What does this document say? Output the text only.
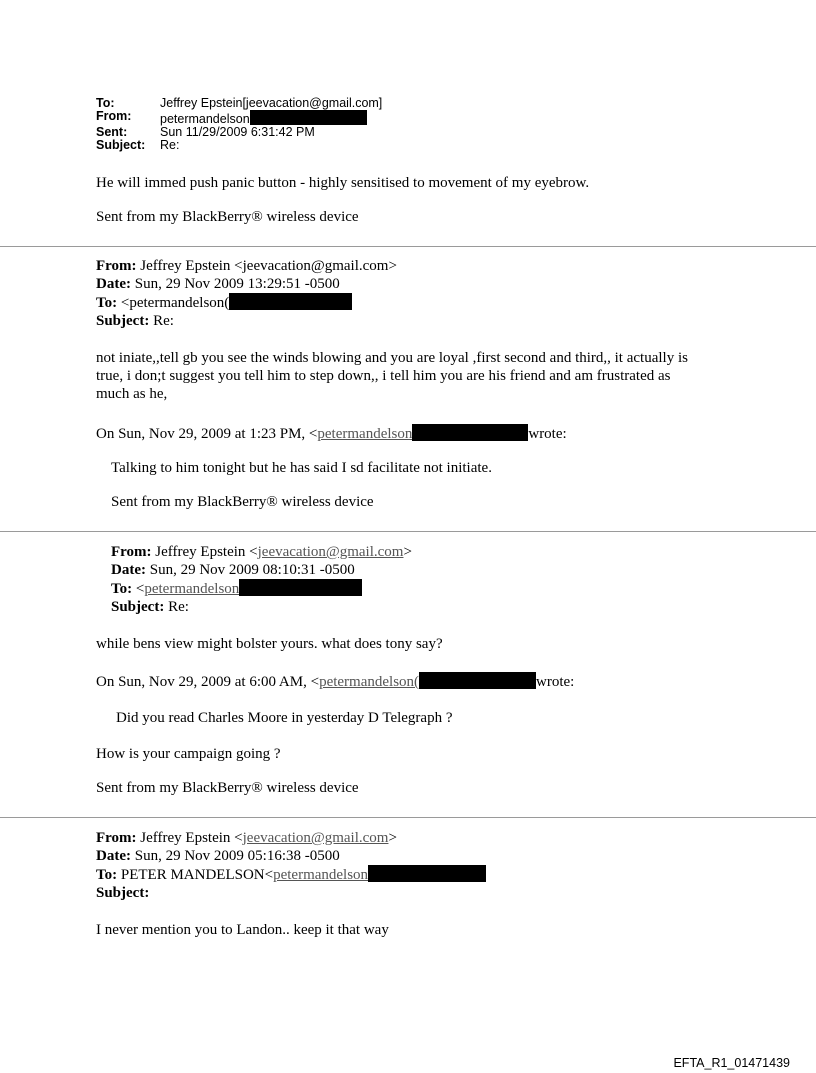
To:	Jeffrey Epstein[jeevacation@gmail.com]
From:	petermandelson
Sent:	Sun 11/29/2009 6:31:42 PM
Subject:	Re:
He will immed push panic button - highly sensitised to movement of my eyebrow.
Sent from my BlackBerry® wireless device
From: Jeffrey Epstein <jeevacation@gmail.com>
Date: Sun, 29 Nov 2009 13:29:51 -0500
To: <petermandelson(
Subject: Re:
not iniate,,tell gb you see the winds blowing and you are loyal ,first second and third,, it actually is
true, i don;t suggest you tell him to step down,, i tell him you are his friend and am frustrated as
much as he,
On Sun, Nov 29, 2009 at 1:23 PM, <petermandelson	wrote:
Talking to him tonight but he has said I sd facilitate not initiate.
Sent from my BlackBerry® wireless device
From: Jeffrey Epstein <jeevacation@gmail.com>
Date: Sun, 29 Nov 2009 08:10:31 -0500
To: <petermandelson
Subject: Re:
while bens view might bolster yours. what does tony say?
On Sun, Nov 29, 2009 at 6:00 AM, <petermandelson(	wrote:
Did you read Charles Moore in yesterday D Telegraph ?
How is your campaign going ?
Sent from my BlackBerry® wireless device
From: Jeffrey Epstein <jeevacation@gmail.com>
Date: Sun, 29 Nov 2009 05:16:38 -0500
To: PETER MANDELSON<petermandelson
Subject:
I never mention you to Landon.. keep it that way
EFTA_R1_01471439
